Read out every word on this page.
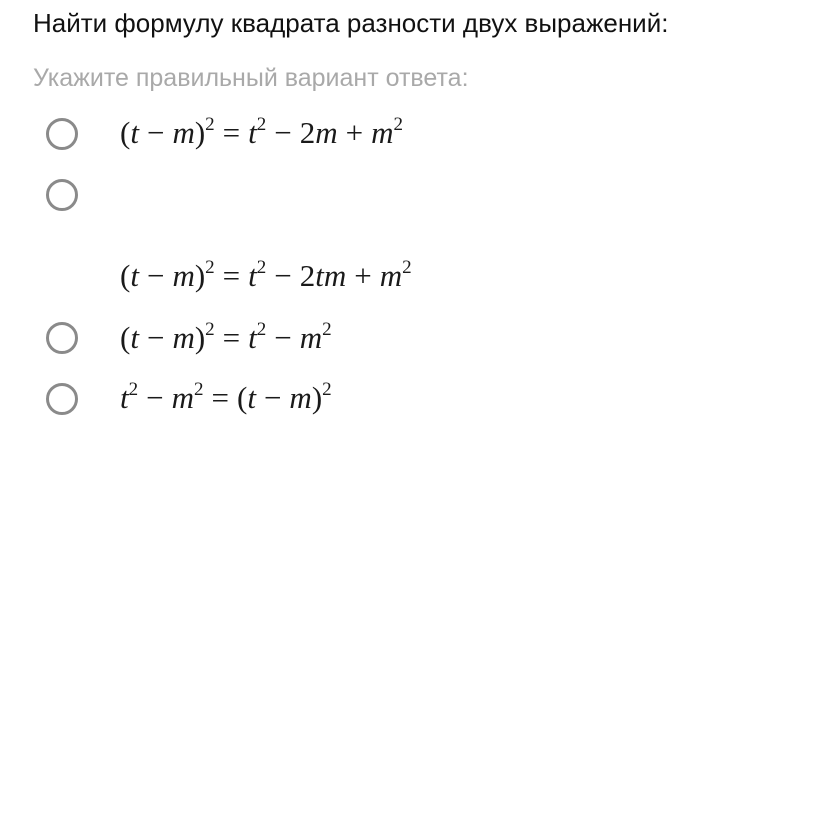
Найти формулу квадрата разности двух выражений:
Укажите правильный вариант ответа:
$(t - m)^2 = t^2 - 2m + m^2$
$(t - m)^2 = t^2 - 2tm + m^2$
$(t - m)^2 = t^2 - m^2$
$t^2 - m^2 = (t - m)^2$
